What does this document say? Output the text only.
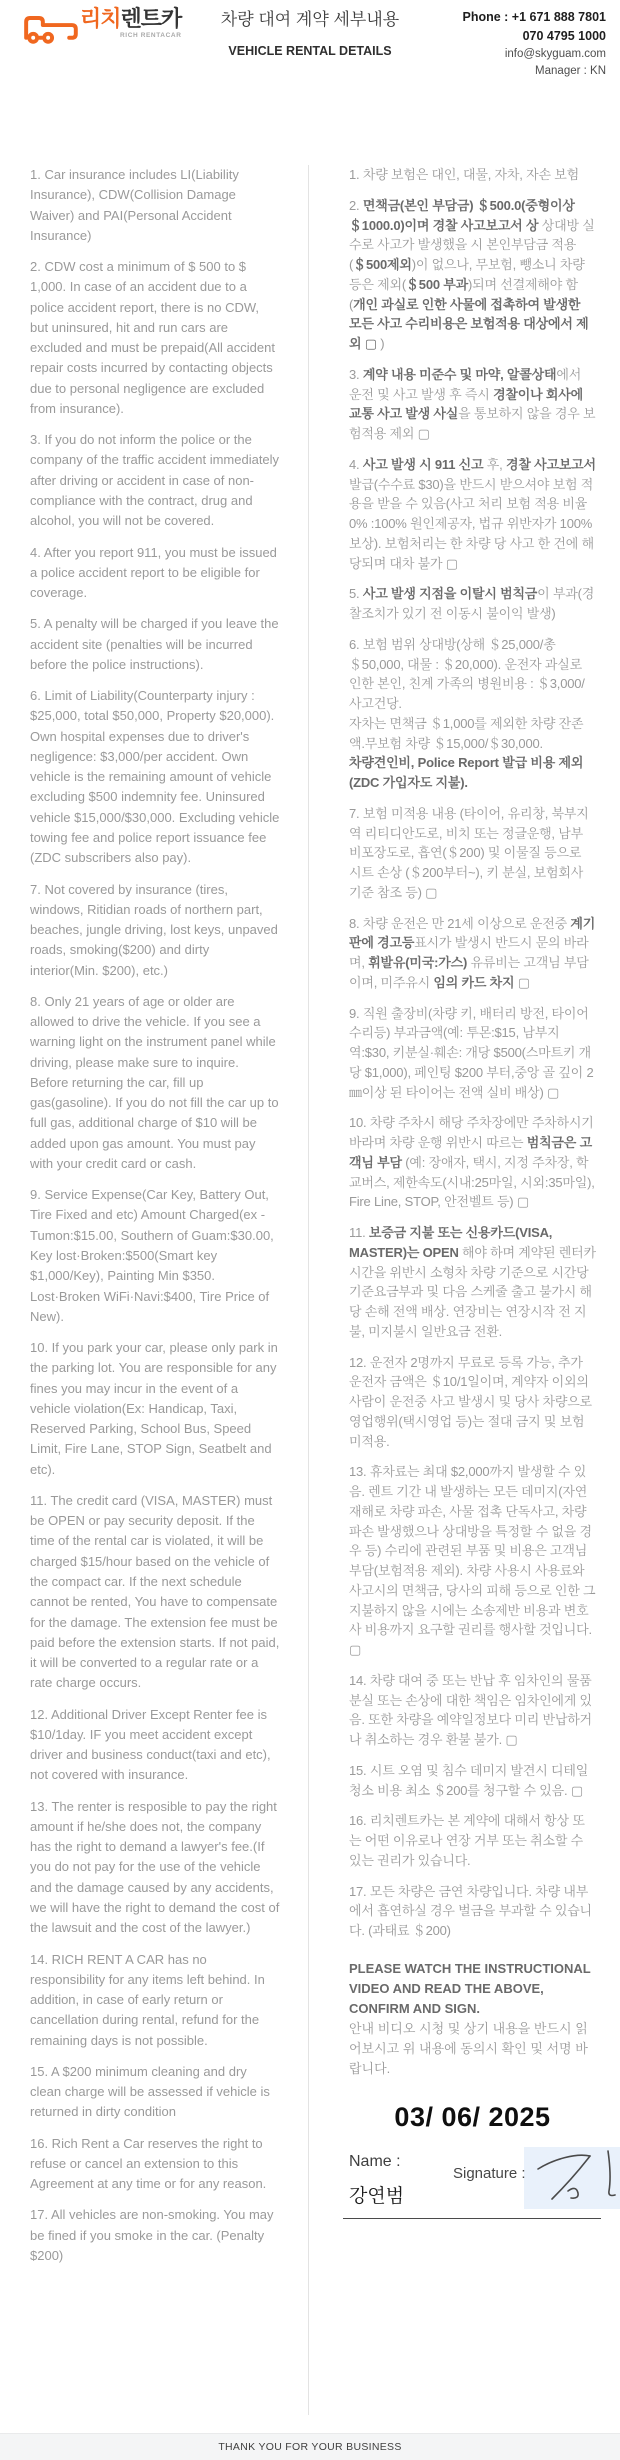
리치렌트카
RICH RENTACAR
차량 대여 계약 세부내용
VEHICLE RENTAL DETAILS
Phone : +1 671 888 7801
070 4795 1000
info@skyguam.com
Manager : KN

1. Car insurance includes LI(Liability Insurance), CDW(Collision Damage Waiver) and PAI(Personal Accident Insurance)

2. CDW cost a minimum of $ 500 to $ 1,000. In case of an accident due to a police accident report, there is no CDW, but uninsured, hit and run cars are excluded and must be prepaid(All accident repair costs incurred by contacting objects due to personal negligence are excluded from insurance).

3. If you do not inform the police or the company of the traffic accident immediately after driving or accident in case of non-compliance with the contract, drug and alcohol, you will not be covered.

4. After you report 911, you must be issued a police accident report to be eligible for coverage.

5. A penalty will be charged if you leave the accident site (penalties will be incurred before the police instructions).

6. Limit of Liability(Counterparty injury : $25,000, total $50,000, Property $20,000). Own hospital expenses due to driver's negligence: $3,000/per accident. Own vehicle is the remaining amount of vehicle excluding $500 indemnity fee. Uninsured vehicle $15,000/$30,000. Excluding vehicle towing fee and police report issuance fee (ZDC subscribers also pay).

7. Not covered by insurance (tires, windows, Ritidian roads of northern part, beaches, jungle driving, lost keys, unpaved roads, smoking($200) and dirty interior(Min. $200), etc.)

8. Only 21 years of age or older are allowed to drive the vehicle. If you see a warning light on the instrument panel while driving, please make sure to inquire. Before returning the car, fill up gas(gasoline). If you do not fill the car up to full gas, additional charge of $10 will be added upon gas amount. You must pay with your credit card or cash.

9. Service Expense(Car Key, Battery Out, Tire Fixed and etc) Amount Charged(ex -Tumon:$15.00, Southern of Guam:$30.00, Key lost·Broken:$500(Smart key $1,000/Key), Painting Min $350. Lost·Broken WiFi·Navi:$400, Tire Price of New).

10. If you park your car, please only park in the parking lot. You are responsible for any fines you may incur in the event of a vehicle violation(Ex: Handicap, Taxi, Reserved Parking, School Bus, Speed Limit, Fire Lane, STOP Sign, Seatbelt and etc).

11. The credit card (VISA, MASTER) must be OPEN or pay security deposit. If the time of the rental car is violated, it will be charged $15/hour based on the vehicle of the compact car. If the next schedule cannot be rented, You have to compensate for the damage. The extension fee must be paid before the extension starts. If not paid, it will be converted to a regular rate or a rate charge occurs.

12. Additional Driver Except Renter fee is $10/1day. IF you meet accident except driver and business conduct(taxi and etc), not covered with insurance.

13. The renter is resposible to pay the right amount if he/she does not, the company has the right to demand a lawyer's fee.(If you do not pay for the use of the vehicle and the damage caused by any accidents, we will have the right to demand the cost of the lawsuit and the cost of the lawyer.)

14. RICH RENT A CAR has no responsibility for any items left behind. In addition, in case of early return or cancellation during rental, refund for the remaining days is not possible.

15. A $200 minimum cleaning and dry clean charge will be assessed if vehicle is returned in dirty condition

16. Rich Rent a Car reserves the right to refuse or cancel an extension to this Agreement at any time or for any reason.

17. All vehicles are non-smoking. You may be fined if you smoke in the car. (Penalty $200)

1. 차량 보험은 대인, 대물, 자차, 자손 보험

2. 면책금(본인 부담금) ＄500.0(중형이상 ＄1000.0)이며 경찰 사고보고서 상 상대방 실수로 사고가 발생했을 시 본인부담금 적용(＄500제외)이 없으나, 무보험, 뺑소니 차량 등은 제외(＄500 부과)되며 선결제해야 함 (개인 과실로 인한 사물에 접촉하여 발생한 모든 사고 수리비용은 보험적용 대상에서 제외 ▢ )

3. 계약 내용 미준수 및 마약, 알콜상태에서 운전 및 사고 발생 후 즉시 경찰이나 회사에 교통 사고 발생 사실을 통보하지 않을 경우 보험적용 제외 ▢

4. 사고 발생 시 911 신고 후, 경찰 사고보고서 발급(수수료 $30)을 반드시 받으셔야 보험 적용을 받을 수 있음(사고 처리 보험 적용 비율 0% :100% 원인제공자, 법규 위반자가 100% 보상). 보험처리는 한 차량 당 사고 한 건에 해당되며 대차 불가 ▢

5. 사고 발생 지점을 이탈시 범칙금이 부과(경찰조치가 있기 전 이동시 불이익 발생)

6. 보험 범위 상대방(상해 ＄25,000/총 ＄50,000, 대물 : ＄20,000). 운전자 과실로 인한 본인, 친계 가족의 병원비용 : ＄3,000/사고건당.
자차는 면책금 ＄1,000를 제외한 차량 잔존액.무보험 차량 ＄15,000/＄30,000.
차량견인비, Police Report 발급 비용 제외 (ZDC 가입자도 지불).

7. 보험 미적용 내용 (타이어, 유리창, 북부지역 리티디안도로, 비치 또는 정글운행, 남부 비포장도로, 흡연(＄200) 및 이물질 등으로 시트 손상 (＄200부터~), 키 분실, 보험회사 기준 참조 등) ▢

8. 차량 운전은 만 21세 이상으로 운전중 계기판에 경고등표시가 발생시 반드시 문의 바라며, 휘발유(미국:가스) 유류비는 고객님 부담이며, 미주유시 임의 카드 차지 ▢

9. 직원 출장비(차량 키, 배터리 방전, 타이어 수리등) 부과금액(예: 투몬:$15, 남부지역:$30, 키분실·훼손: 개당 $500(스마트키 개당 $1,000), 페인팅 $200 부터,중앙 골 깊이 2㎜이상 된 타이어는 전액 실비 배상) ▢

10. 차량 주차시 해당 주차장에만 주차하시기 바라며 차량 운행 위반시 따르는 범칙금은 고객님 부담 (예: 장애자, 택시, 지정 주차장, 학교버스, 제한속도(시내:25마일, 시외:35마일), Fire Line, STOP, 안전벨트 등) ▢

11. 보증금 지불 또는 신용카드(VISA, MASTER)는 OPEN 해야 하며 계약된 렌터카 시간을 위반시 소형차 차량 기준으로 시간당 기준요금부과 및 다음 스케줄 출고 불가시 해당 손해 전액 배상. 연장비는 연장시작 전 지불, 미지불시 일반요금 전환.

12. 운전자 2명까지 무료로 등록 가능, 추가 운전자 금액은 ＄10/1일이며, 계약자 이외의 사람이 운전중 사고 발생시 및 당사 차량으로 영업행위(택시영업 등)는 절대 금지 및 보험 미적용.

13. 휴차료는 최대 $2,000까지 발생할 수 있음. 렌트 기간 내 발생하는 모든 데미지(자연재해로 차량 파손, 사물 접촉 단독사고, 차량 파손 발생했으나 상대방을 특정할 수 없을 경우 등) 수리에 관련된 부품 및 비용은 고객님 부담(보험적용 제외). 차량 사용시 사용료와 사고시의 면책금, 당사의 피해 등으로 인한 그 지불하지 않을 시에는 소송제반 비용과 변호사 비용까지 요구할 권리를 행사할 것입니다. ▢

14. 차량 대여 중 또는 반납 후 임차인의 물품 분실 또는 손상에 대한 책임은 임차인에게 있음. 또한 차량을 예약일정보다 미리 반납하거나 취소하는 경우 환불 불가. ▢

15. 시트 오염 및 침수 데미지 발견시 디테일 청소 비용 최소 ＄200를 청구할 수 있음. ▢

16. 리치렌트카는 본 계약에 대해서 항상 또는 어떤 이유로나 연장 거부 또는 취소할 수 있는 권리가 있습니다.

17. 모든 차량은 금연 차량입니다. 차량 내부에서 흡연하실 경우 벌금을 부과할 수 있습니다. (과태료 ＄200)

PLEASE WATCH THE INSTRUCTIONAL VIDEO AND READ THE ABOVE, CONFIRM AND SIGN.
안내 비디오 시청 및 상기 내용을 반드시 읽어보시고 위 내용에 동의시 확인 및 서명 바랍니다.
03/ 06/ 2025
Name :
강연범
Signature :
THANK YOU FOR YOUR BUSINESS
